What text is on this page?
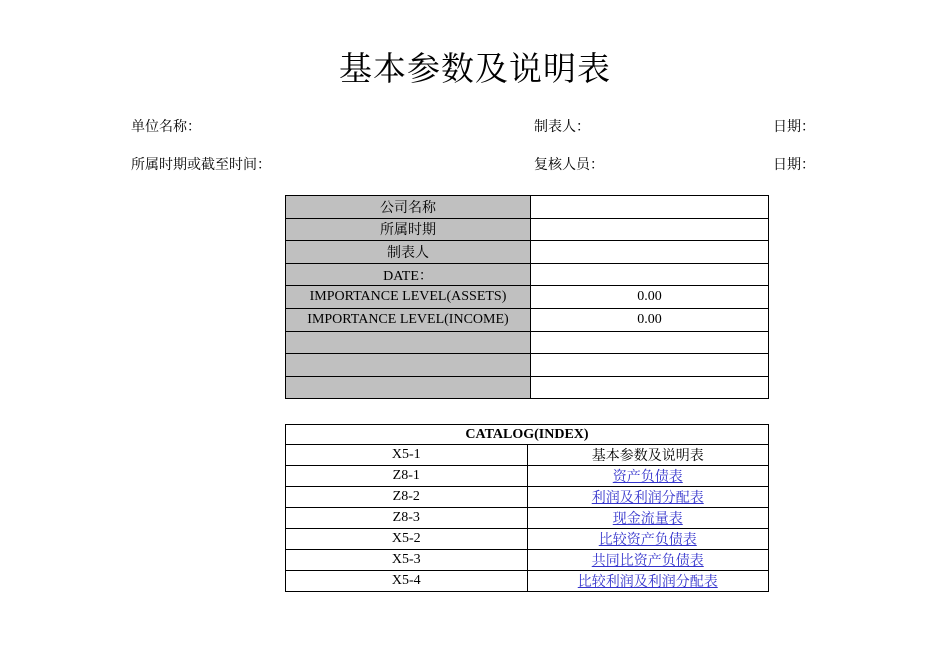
基本参数及说明表
单位名称：	制表人：	日期：
所属时期或截至时间：	复核人员：	日期：
公司名称	
所属时期	
制表人	
DATE：	
IMPORTANCE LEVEL(ASSETS)	0.00
IMPORTANCE LEVEL(INCOME)	0.00

CATALOG(INDEX)	
X5-1	基本参数及说明表
Z8-1	资产负债表
Z8-2	利润及利润分配表
Z8-3	现金流量表
X5-2	比较资产负债表
X5-3	共同比资产负债表
X5-4	比较利润及利润分配表
